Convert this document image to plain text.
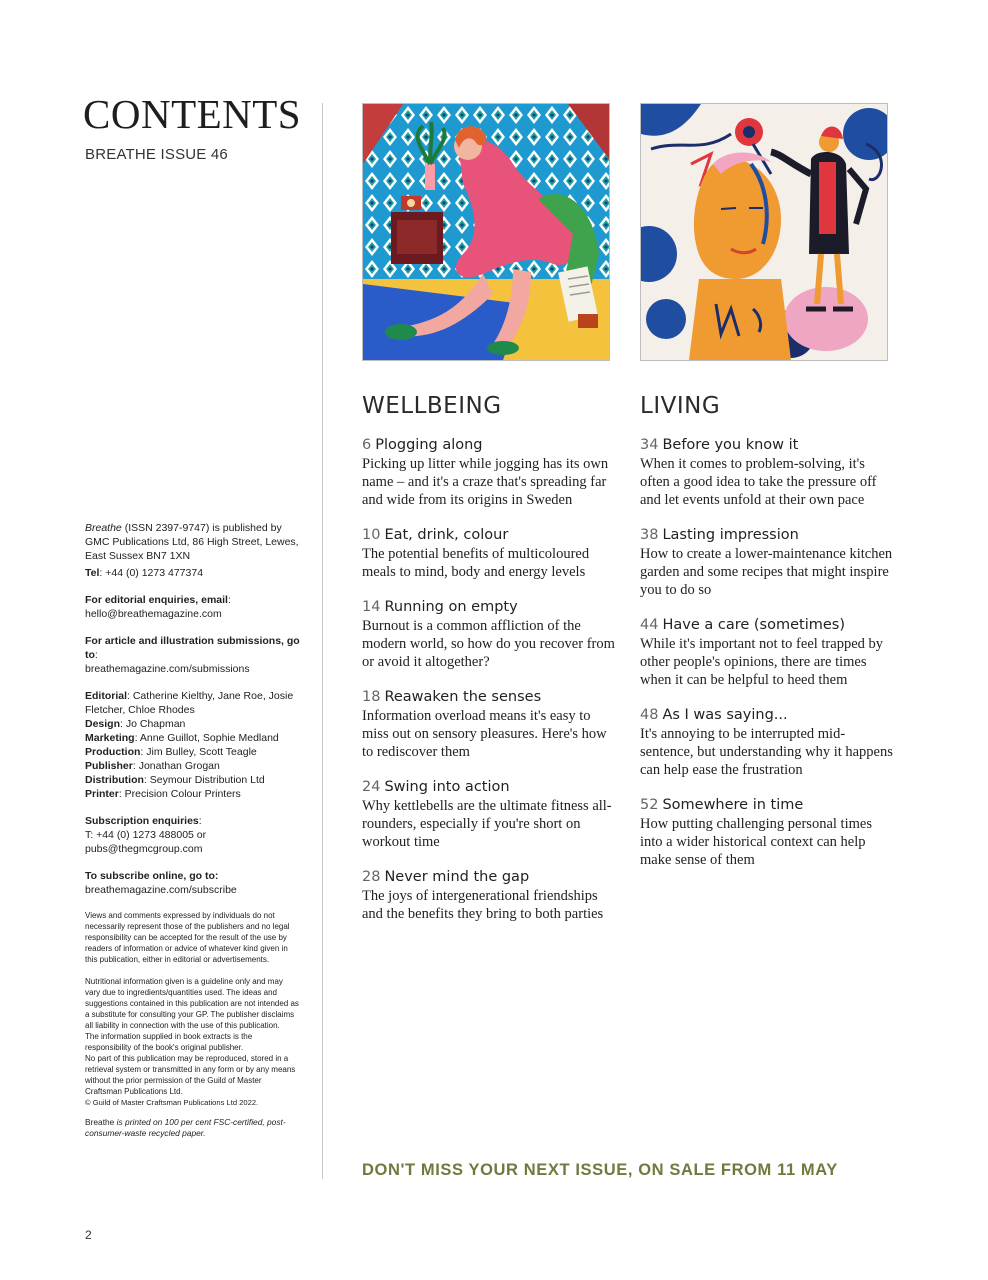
CONTENTS
BREATHE ISSUE 46

Breathe (ISSN 2397-9747) is published by GMC Publications Ltd, 86 High Street, Lewes, East Sussex BN7 1XN

Tel: +44 (0) 1273 477374

For editorial enquiries, email:
hello@breathemagazine.com

For article and illustration submissions, go to:
breathemagazine.com/submissions

Editorial: Catherine Kielthy, Jane Roe, Josie Fletcher, Chloe Rhodes
Design: Jo Chapman
Marketing: Anne Guillot, Sophie Medland
Production: Jim Bulley, Scott Teagle
Publisher: Jonathan Grogan
Distribution: Seymour Distribution Ltd
Printer: Precision Colour Printers

Subscription enquiries:
T: +44 (0) 1273 488005 or
pubs@thegmcgroup.com

To subscribe online, go to:
breathemagazine.com/subscribe

Views and comments expressed by individuals do not necessarily represent those of the publishers and no legal responsibility can be accepted for the result of the use by readers of information or advice of whatever kind given in this publication, either in editorial or advertisements.

Nutritional information given is a guideline only and may vary due to ingredients/quantities used. The ideas and suggestions contained in this publication are not intended as a substitute for consulting your GP. The publisher disclaims all liability in connection with the use of this publication.
The information supplied in book extracts is the responsibility of the book's original publisher.
No part of this publication may be reproduced, stored in a retrieval system or transmitted in any form or by any means without the prior permission of the Guild of Master Craftsman Publications Ltd.
© Guild of Master Craftsman Publications Ltd 2022.

Breathe is printed on 100 per cent FSC-certified, post-consumer-waste recycled paper.

2
WELLBEING
6 Plogging along
Picking up litter while jogging has its own name – and it's a craze that's spreading far and wide from its origins in Sweden
10 Eat, drink, colour
The potential benefits of multicoloured meals to mind, body and energy levels
14 Running on empty
Burnout is a common affliction of the modern world, so how do you recover from or avoid it altogether?
18 Reawaken the senses
Information overload means it's easy to miss out on sensory pleasures. Here's how to rediscover them
24 Swing into action
Why kettlebells are the ultimate fitness all-rounders, especially if you're short on workout time
28 Never mind the gap
The joys of intergenerational friendships and the benefits they bring to both parties
LIVING
34 Before you know it
When it comes to problem-solving, it's often a good idea to take the pressure off and let events unfold at their own pace
38 Lasting impression
How to create a lower-maintenance kitchen garden and some recipes that might inspire you to do so
44 Have a care (sometimes)
While it's important not to feel trapped by other people's opinions, there are times when it can be helpful to heed them
48 As I was saying...
It's annoying to be interrupted mid-sentence, but understanding why it happens can help ease the frustration
52 Somewhere in time
How putting challenging personal times into a wider historical context can help make sense of them
DON'T MISS YOUR NEXT ISSUE, ON SALE FROM 11 MAY
